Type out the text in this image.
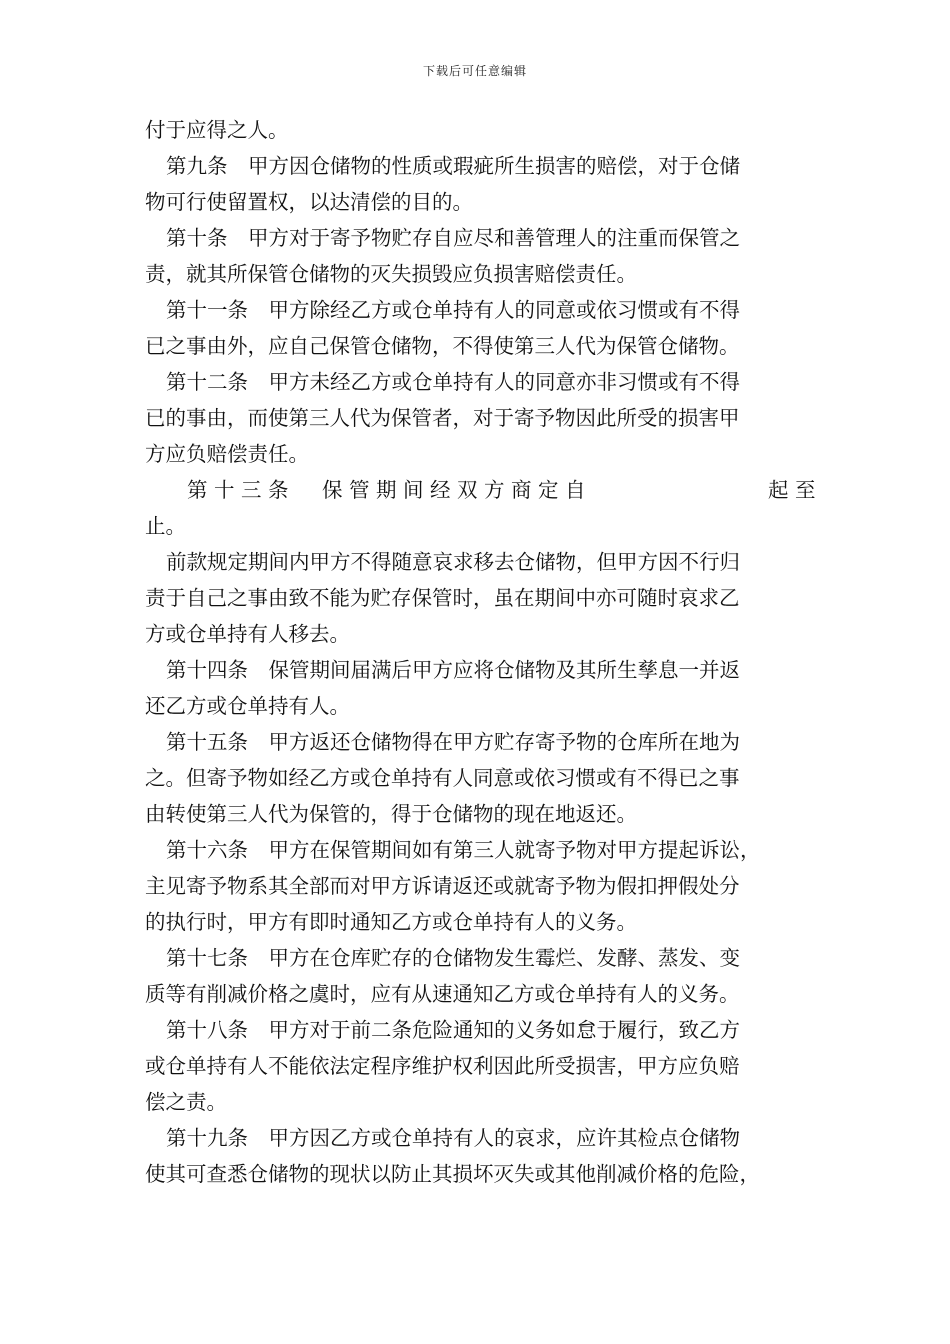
下载后可任意编辑
付于应得之人。
第九条　甲方因仓储物的性质或瑕疵所生损害的赔偿，对于仓储
物可行使留置权，以达清偿的目的。
第十条　甲方对于寄予物贮存自应尽和善管理人的注重而保管之
责，就其所保管仓储物的灭失损毁应负损害赔偿责任。
第十一条　甲方除经乙方或仓单持有人的同意或依习惯或有不得
已之事由外，应自己保管仓储物，不得使第三人代为保管仓储物。
第十二条　甲方未经乙方或仓单持有人的同意亦非习惯或有不得
已的事由，而使第三人代为保管者，对于寄予物因此所受的损害甲
方应负赔偿责任。
第十三条　保管期间经双方商定自	起至
止。
前款规定期间内甲方不得随意哀求移去仓储物，但甲方因不行归
责于自己之事由致不能为贮存保管时，虽在期间中亦可随时哀求乙
方或仓单持有人移去。
第十四条　保管期间届满后甲方应将仓储物及其所生孳息一并返
还乙方或仓单持有人。
第十五条　甲方返还仓储物得在甲方贮存寄予物的仓库所在地为
之。但寄予物如经乙方或仓单持有人同意或依习惯或有不得已之事
由转使第三人代为保管的，得于仓储物的现在地返还。
第十六条　甲方在保管期间如有第三人就寄予物对甲方提起诉讼，
主见寄予物系其全部而对甲方诉请返还或就寄予物为假扣押假处分
的执行时，甲方有即时通知乙方或仓单持有人的义务。
第十七条　甲方在仓库贮存的仓储物发生霉烂、发酵、蒸发、变
质等有削减价格之虞时，应有从速通知乙方或仓单持有人的义务。
第十八条　甲方对于前二条危险通知的义务如怠于履行，致乙方
或仓单持有人不能依法定程序维护权利因此所受损害，甲方应负赔
偿之责。
第十九条　甲方因乙方或仓单持有人的哀求，应许其检点仓储物
使其可查悉仓储物的现状以防止其损坏灭失或其他削减价格的危险，
